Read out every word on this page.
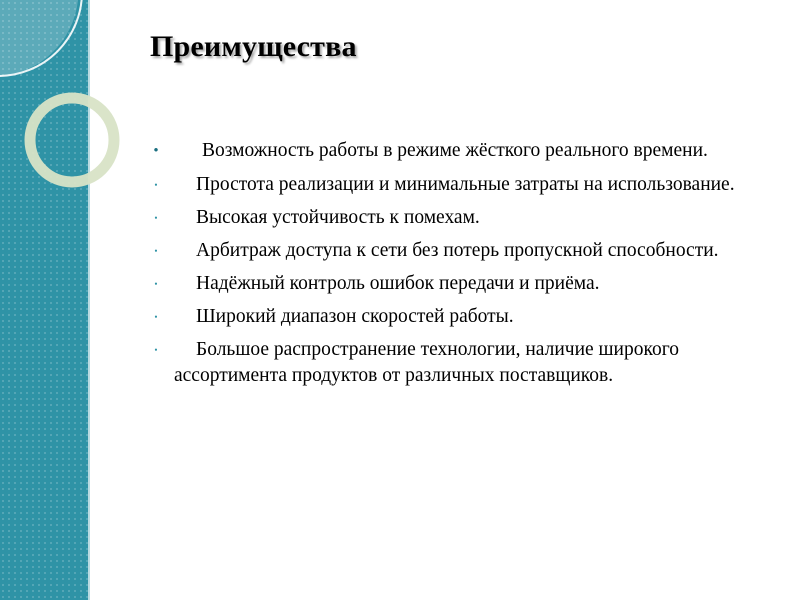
Преимущества
•	Возможность работы в режиме жёсткого реального времени.
•	Простота реализации и минимальные затраты на использование.
•	Высокая устойчивость к помехам.
•	Арбитраж доступа к сети без потерь пропускной способности.
•	Надёжный контроль ошибок передачи и приёма.
•	Широкий диапазон скоростей работы.
•	Большое распространение технологии, наличие широкого ассортимента продуктов от различных поставщиков.
